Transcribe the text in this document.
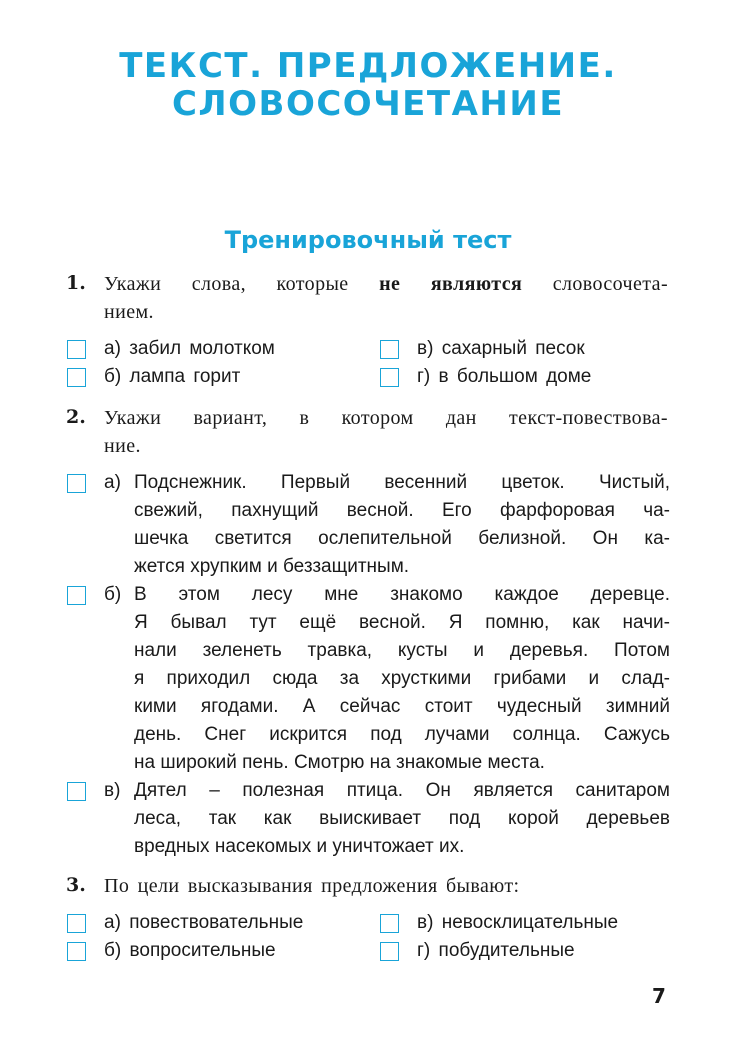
ТЕКСТ. ПРЕДЛОЖЕНИЕ.
СЛОВОСОЧЕТАНИЕ
Тренировочный тест
1. Укажи слова, которые не являются словосочета-
нием.
а) забил молотком
б) лампа горит
в) сахарный песок
г) в большом доме
2. Укажи вариант, в котором дан текст-повествова-
ние.
а) Подснежник. Первый весенний цветок. Чистый,
свежий, пахнущий весной. Его фарфоровая ча-
шечка светится ослепительной белизной. Он ка-
жется хрупким и беззащитным.
б) В этом лесу мне знакомо каждое деревце.
Я бывал тут ещё весной. Я помню, как начи-
нали зеленеть травка, кусты и деревья. Потом
я приходил сюда за хрусткими грибами и слад-
кими ягодами. А сейчас стоит чудесный зимний
день. Снег искрится под лучами солнца. Сажусь
на широкий пень. Смотрю на знакомые места.
в) Дятел – полезная птица. Он является санитаром
леса, так как выискивает под корой деревьев
вредных насекомых и уничтожает их.
3. По цели высказывания предложения бывают:
а) повествовательные
б) вопросительные
в) невосклицательные
г) побудительные
7
